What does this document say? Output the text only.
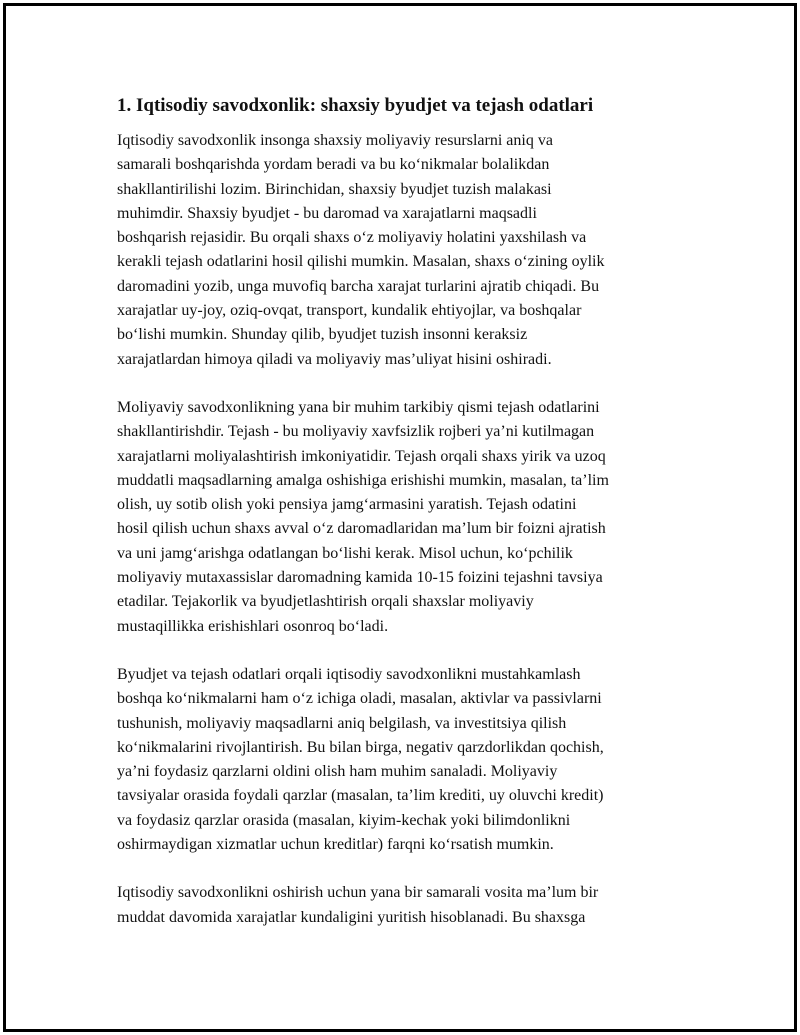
1. Iqtisodiy savodxonlik: shaxsiy byudjet va tejash odatlari

Iqtisodiy savodxonlik insonga shaxsiy moliyaviy resurslarni aniq va
samarali boshqarishda yordam beradi va bu koʻnikmalar bolalikdan
shakllantirilishi lozim. Birinchidan, shaxsiy byudjet tuzish malakasi
muhimdir. Shaxsiy byudjet - bu daromad va xarajatlarni maqsadli
boshqarish rejasidir. Bu orqali shaxs oʻz moliyaviy holatini yaxshilash va
kerakli tejash odatlarini hosil qilishi mumkin. Masalan, shaxs oʻzining oylik
daromadini yozib, unga muvofiq barcha xarajat turlarini ajratib chiqadi. Bu
xarajatlar uy-joy, oziq-ovqat, transport, kundalik ehtiyojlar, va boshqalar
boʻlishi mumkin. Shunday qilib, byudjet tuzish insonni keraksiz
xarajatlardan himoya qiladi va moliyaviy masʼuliyat hisini oshiradi.

Moliyaviy savodxonlikning yana bir muhim tarkibiy qismi tejash odatlarini
shakllantirishdir. Tejash - bu moliyaviy xavfsizlik rojberi yaʼni kutilmagan
xarajatlarni moliyalashtirish imkoniyatidir. Tejash orqali shaxs yirik va uzoq
muddatli maqsadlarning amalga oshishiga erishishi mumkin, masalan, taʼlim
olish, uy sotib olish yoki pensiya jamgʻarmasini yaratish. Tejash odatini
hosil qilish uchun shaxs avval oʻz daromadlaridan maʼlum bir foizni ajratish
va uni jamgʻarishga odatlangan boʻlishi kerak. Misol uchun, koʻpchilik
moliyaviy mutaxassislar daromadning kamida 10-15 foizini tejashni tavsiya
etadilar. Tejakorlik va byudjetlashtirish orqali shaxslar moliyaviy
mustaqillikka erishishlari osonroq boʻladi.

Byudjet va tejash odatlari orqali iqtisodiy savodxonlikni mustahkamlash
boshqa koʻnikmalarni ham oʻz ichiga oladi, masalan, aktivlar va passivlarni
tushunish, moliyaviy maqsadlarni aniq belgilash, va investitsiya qilish
koʻnikmalarini rivojlantirish. Bu bilan birga, negativ qarzdorlikdan qochish,
yaʼni foydasiz qarzlarni oldini olish ham muhim sanaladi. Moliyaviy
tavsiyalar orasida foydali qarzlar (masalan, taʼlim krediti, uy oluvchi kredit)
va foydasiz qarzlar orasida (masalan, kiyim-kechak yoki bilimdonlikni
oshirmaydigan xizmatlar uchun kreditlar) farqni koʻrsatish mumkin.

Iqtisodiy savodxonlikni oshirish uchun yana bir samarali vosita maʼlum bir
muddat davomida xarajatlar kundaligini yuritish hisoblanadi. Bu shaxsga
